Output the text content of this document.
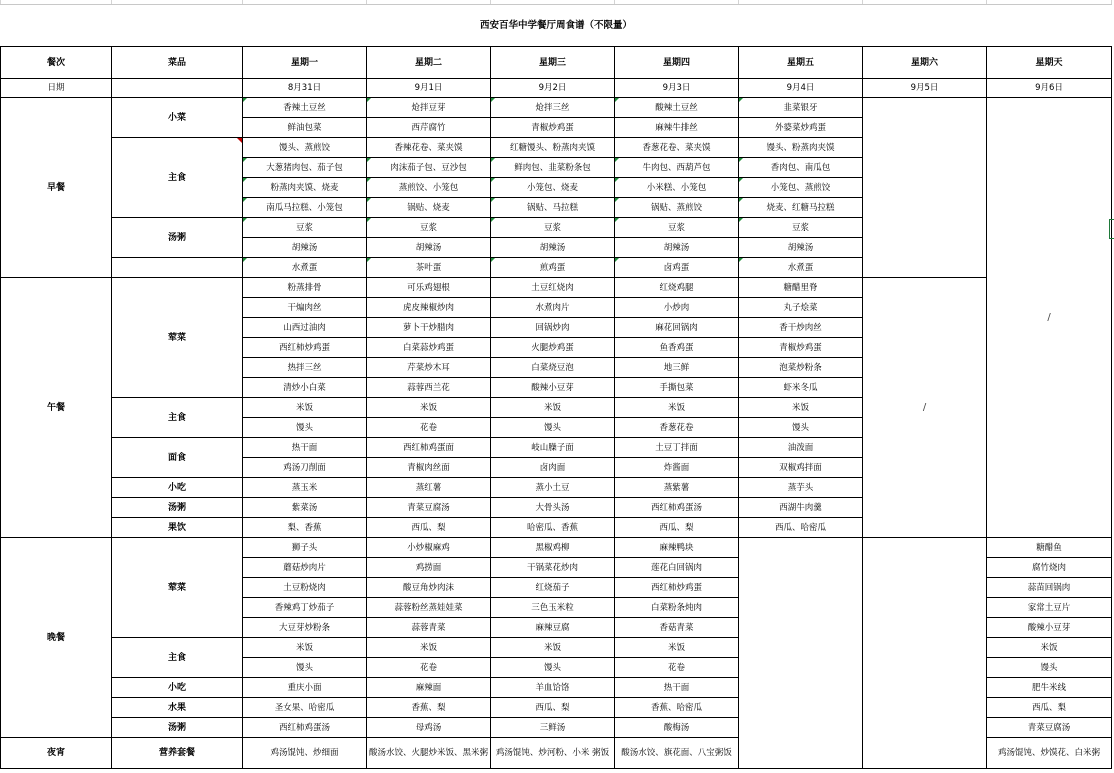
西安百华中学餐厅周食谱（不限量）								
餐次	菜品	星期一	星期二	星期三	星期四	星期五	星期六	星期天
日期		8月31日	9月1日	9月2日	9月3日	9月4日	9月5日	9月6日
早餐	小菜	香辣土豆丝	炝拌豆芽	炝拌三丝	酸辣土豆丝	韭菜银牙		/
		鲜油包菜	西芹腐竹	青椒炒鸡蛋	麻辣牛排丝	外婆菜炒鸡蛋		
	主食	馒头、蒸煎饺	香辣花卷、菜夹馍	红糖馒头、粉蒸肉夹馍	香葱花卷、菜夹馍	馒头、粉蒸肉夹馍		
		大葱猪肉包、茄子包	肉沫茄子包、豆沙包	鲜肉包、韭菜粉条包	牛肉包、西葫芦包	香肉包、南瓜包		
		粉蒸肉夹馍、烧麦	蒸煎饺、小笼包	小笼包、烧麦	小米糕、小笼包	小笼包、蒸煎饺		
		南瓜马拉糕、小笼包	锅贴、烧麦	锅贴、马拉糕	锅贴、蒸煎饺	烧麦、红糖马拉糕		
	汤粥	豆浆	豆浆	豆浆	豆浆	豆浆		
		胡辣汤	胡辣汤	胡辣汤	胡辣汤	胡辣汤		
		水煮蛋	茶叶蛋	煎鸡蛋	卤鸡蛋	水煮蛋		
午餐	荤菜	粉蒸排骨	可乐鸡翅根	土豆红烧肉	红烧鸡腿	糖醋里脊	/	
		干煸肉丝	虎皮辣椒炒肉	水煮肉片	小炒肉	丸子烩菜		
		山西过油肉	萝卜干炒腊肉	回锅炒肉	麻花回锅肉	香干炒肉丝		
		西红柿炒鸡蛋	白菜蒜炒鸡蛋	火腿炒鸡蛋	鱼香鸡蛋	青椒炒鸡蛋		
		热拌三丝	芹菜炒木耳	白菜烧豆泡	地三鲜	泡菜炒粉条		
		清炒小白菜	蒜蓉西兰花	酸辣小豆芽	手撕包菜	虾米冬瓜		
	主食	米饭	米饭	米饭	米饭	米饭		
		馒头	花卷	馒头	香葱花卷	馒头		
	面食	热干面	西红柿鸡蛋面	岐山臊子面	土豆丁拌面	油泼面		
		鸡汤刀削面	青椒肉丝面	卤肉面	炸酱面	双椒鸡拌面		
	小吃	蒸玉米	蒸红薯	蒸小土豆	蒸紫薯	蒸芋头		
	汤粥	紫菜汤	青菜豆腐汤	大骨头汤	西红柿鸡蛋汤	西湖牛肉羹		
	果饮	梨、香蕉	西瓜、梨	哈密瓜、香蕉	西瓜、梨	西瓜、哈密瓜		
晚餐	荤菜	狮子头	小炒椒麻鸡	黑椒鸡柳	麻辣鸭块			糖醋鱼
		蘑菇炒肉片	鸡捞面	干锅菜花炒肉	莲花白回锅肉			腐竹烧肉
		土豆粉烧肉	酸豆角炒肉沫	红烧茄子	西红柿炒鸡蛋			蒜苗回锅肉
		香辣鸡丁炒茄子	蒜蓉粉丝蒸娃娃菜	三色玉米粒	白菜粉条炖肉			家常土豆片
		大豆芽炒粉条	蒜蓉青菜	麻辣豆腐	香菇青菜			酸辣小豆芽
	主食	米饭	米饭	米饭	米饭			米饭
		馒头	花卷	馒头	花卷			馒头
	小吃	重庆小面	麻辣面	羊血饸饹	热干面			肥牛米线
	水果	圣女果、哈密瓜	香蕉、梨	西瓜、梨	香蕉、哈密瓜			西瓜、梨
	汤粥	西红柿鸡蛋汤	母鸡汤	三鲜汤	酸梅汤			青菜豆腐汤
夜宵	营养套餐	鸡汤馄饨、炒细面	酸汤水饺、火腿炒米饭、黑米粥	鸡汤馄饨、炒河粉、小米 粥饭	酸汤水饺、旗花面、八宝粥饭			鸡汤馄饨、炒馍花、白米粥
